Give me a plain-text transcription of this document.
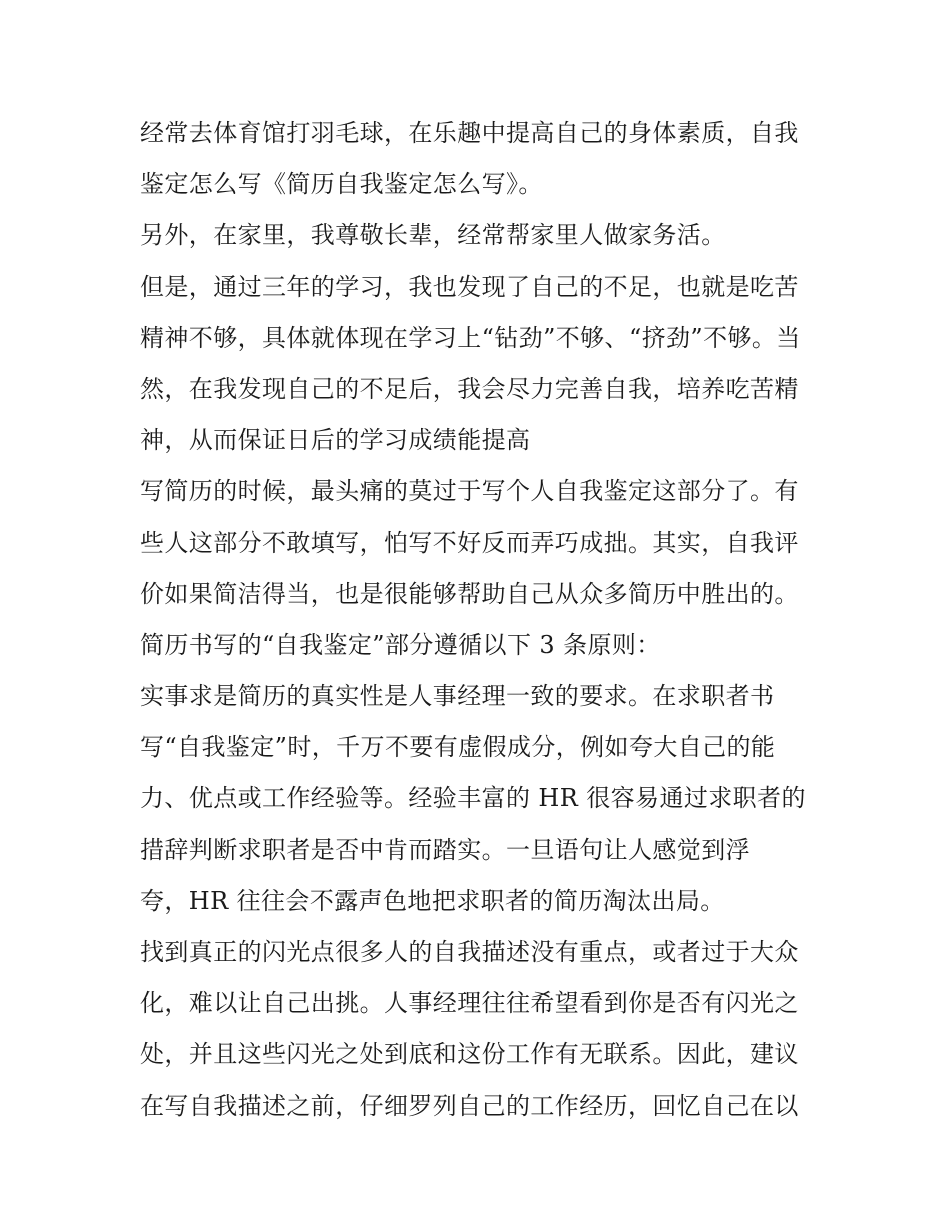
经常去体育馆打羽毛球，在乐趣中提高自己的身体素质，自我
鉴定怎么写《简历自我鉴定怎么写》。
另外，在家里，我尊敬长辈，经常帮家里人做家务活。
但是，通过三年的学习，我也发现了自己的不足，也就是吃苦
精神不够，具体就体现在学习上“钻劲”不够、“挤劲”不够。当
然，在我发现自己的不足后，我会尽力完善自我，培养吃苦精
神，从而保证日后的学习成绩能提高
写简历的时候，最头痛的莫过于写个人自我鉴定这部分了。有
些人这部分不敢填写，怕写不好反而弄巧成拙。其实，自我评
价如果简洁得当，也是很能够帮助自己从众多简历中胜出的。
简历书写的“自我鉴定”部分遵循以下 3 条原则：
实事求是简历的真实性是人事经理一致的要求。在求职者书
写“自我鉴定”时，千万不要有虚假成分，例如夸大自己的能
力、优点或工作经验等。经验丰富的 HR 很容易通过求职者的
措辞判断求职者是否中肯而踏实。一旦语句让人感觉到浮
夸，HR 往往会不露声色地把求职者的简历淘汰出局。
找到真正的闪光点很多人的自我描述没有重点，或者过于大众
化，难以让自己出挑。人事经理往往希望看到你是否有闪光之
处，并且这些闪光之处到底和这份工作有无联系。因此，建议
在写自我描述之前，仔细罗列自己的工作经历，回忆自己在以
